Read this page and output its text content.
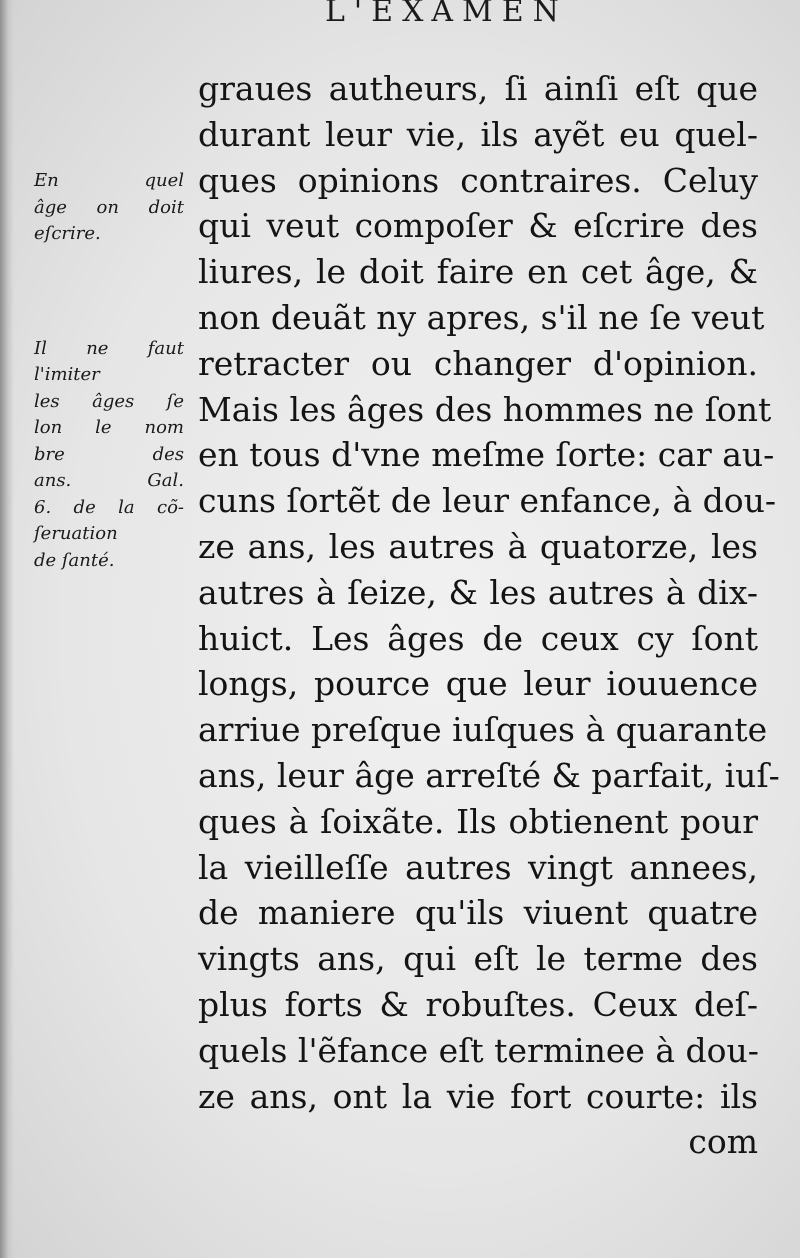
L'EXAMEN
En quel
âge on doit
eſcrire.
Il ne faut
l'imiter
les âges ſe
lon le nom
bre des
ans. Gal.
6. de la cõ-
ſeruation
de ſanté.
graues autheurs, ſi ainſi eſt que
durant leur vie, ils ayẽt eu quel-
ques opinions contraires. Celuy
qui veut compoſer & eſcrire des
liures, le doit faire en cet âge, &
non deuãt ny apres, s'il ne ſe veut
retracter ou changer d'opinion.
Mais les âges des hommes ne ſont
en tous d'vne meſme ſorte: car au-
cuns ſortẽt de leur enfance, à dou-
ze ans, les autres à quatorze, les
autres à ſeize, & les autres à dix-
huict. Les âges de ceux cy ſont
longs, pource que leur iouuence
arriue preſque iuſques à quarante
ans, leur âge arreſté & parfait, iuſ-
ques à ſoixãte. Ils obtienent pour
la vieilleſſe autres vingt annees,
de maniere qu'ils viuent quatre
vingts ans, qui eſt le terme des
plus forts & robuſtes. Ceux deſ-
quels l'ẽfance eſt terminee à dou-
ze ans, ont la vie fort courte: ils
com
